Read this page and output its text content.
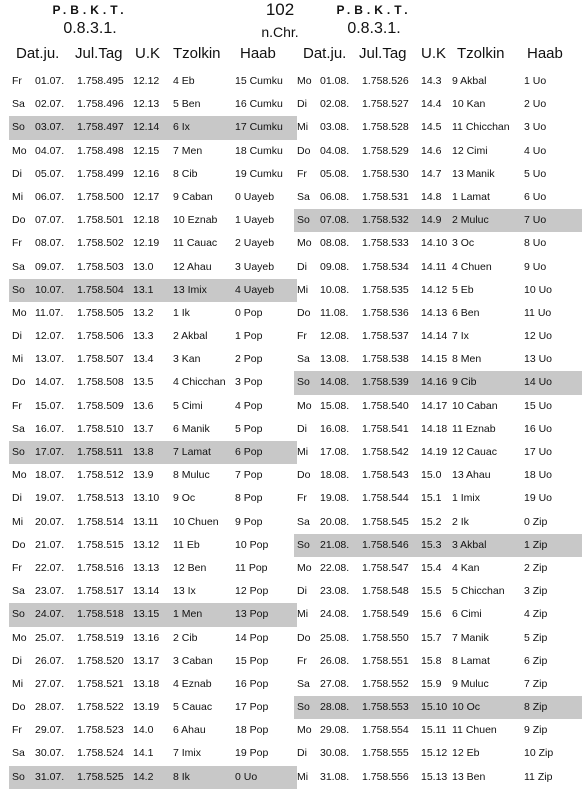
P.B.K.T.
0.8.3.1.
102
n.Chr.
P.B.K.T.
0.8.3.1.
Dat.ju. Jul.Tag U.K Tzolkin Haab Dat.ju. Jul.Tag U.K Tzolkin Haab
Fr 01.07. 1.758.495 12.12 4 Eb	15 Cumku
Sa 02.07. 1.758.496 12.13 5 Ben	16 Cumku
So 03.07. 1.758.497 12.14 6 Ix	17 Cumku
Mo 04.07. 1.758.498 12.15 7 Men	18 Cumku
Di 05.07. 1.758.499 12.16 8 Cib	19 Cumku
Mi 06.07. 1.758.500 12.17 9 Caban 0 Uayeb
Do 07.07. 1.758.501 12.18 10 Eznab 1 Uayeb
Fr 08.07. 1.758.502 12.19 11 Cauac 2 Uayeb
Sa 09.07. 1.758.503 13.0 12 Ahau 3 Uayeb
So 10.07. 1.758.504 13.1 13 Imix	4 Uayeb
Mo 11.07. 1.758.505 13.2 1 Ik	0 Pop
Di 12.07. 1.758.506 13.3 2 Akbal	1 Pop
Mi 13.07. 1.758.507 13.4 3 Kan	2 Pop
Do 14.07. 1.758.508 13.5 4 Chicchan 3 Pop
Fr 15.07. 1.758.509 13.6 5 Cimi	4 Pop
Sa 16.07. 1.758.510 13.7 6 Manik 5 Pop
So 17.07. 1.758.511 13.8 7 Lamat 6 Pop
Mo 18.07. 1.758.512 13.9 8 Muluc 7 Pop
Di 19.07. 1.758.513 13.10 9 Oc	8 Pop
Mi 20.07. 1.758.514 13.11 10 Chuen 9 Pop
Do 21.07. 1.758.515 13.12 11 Eb	10 Pop
Fr 22.07. 1.758.516 13.13 12 Ben	11 Pop
Sa 23.07. 1.758.517 13.14 13 Ix	12 Pop
So 24.07. 1.758.518 13.15 1 Men	13 Pop
Mo 25.07. 1.758.519 13.16 2 Cib	14 Pop
Di 26.07. 1.758.520 13.17 3 Caban 15 Pop
Mi 27.07. 1.758.521 13.18 4 Eznab 16 Pop
Do 28.07. 1.758.522 13.19 5 Cauac 17 Pop
Fr 29.07. 1.758.523 14.0 6 Ahau	18 Pop
Sa 30.07. 1.758.524 14.1 7 Imix	19 Pop
So 31.07. 1.758.525 14.2 8 Ik	0 Uo
Mo 01.08. 1.758.526 14.3 9 Akbal	1 Uo
Di 02.08. 1.758.527 14.4 10 Kan	2 Uo
Mi 03.08. 1.758.528 14.5 11 Chicchan 3 Uo
Do 04.08. 1.758.529 14.6 12 Cimi	4 Uo
Fr 05.08. 1.758.530 14.7 13 Manik	5 Uo
Sa 06.08. 1.758.531 14.8 1 Lamat	6 Uo
So 07.08. 1.758.532 14.9 2 Muluc	7 Uo
Mo 08.08. 1.758.533 14.10 3 Oc	8 Uo
Di 09.08. 1.758.534 14.11 4 Chuen	9 Uo
Mi 10.08. 1.758.535 14.12 5 Eb	10 Uo
Do 11.08. 1.758.536 14.13 6 Ben	11 Uo
Fr 12.08. 1.758.537 14.14 7 Ix	12 Uo
Sa 13.08. 1.758.538 14.15 8 Men	13 Uo
So 14.08. 1.758.539 14.16 9 Cib	14 Uo
Mo 15.08. 1.758.540 14.17 10 Caban	15 Uo
Di 16.08. 1.758.541 14.18 11 Eznab	16 Uo
Mi 17.08. 1.758.542 14.19 12 Cauac	17 Uo
Do 18.08. 1.758.543 15.0 13 Ahau	18 Uo
Fr 19.08. 1.758.544 15.1 1 Imix	19 Uo
Sa 20.08. 1.758.545 15.2 2 Ik	0 Zip
So 21.08. 1.758.546 15.3 3 Akbal	1 Zip
Mo 22.08. 1.758.547 15.4 4 Kan	2 Zip
Di 23.08. 1.758.548 15.5 5 Chicchan 3 Zip
Mi 24.08. 1.758.549 15.6 6 Cimi	4 Zip
Do 25.08. 1.758.550 15.7 7 Manik	5 Zip
Fr 26.08. 1.758.551 15.8 8 Lamat	6 Zip
Sa 27.08. 1.758.552 15.9 9 Muluc	7 Zip
So 28.08. 1.758.553 15.10 10 Oc	8 Zip
Mo 29.08. 1.758.554 15.11 11 Chuen	9 Zip
Di 30.08. 1.758.555 15.12 12 Eb	10 Zip
Mi 31.08. 1.758.556 15.13 13 Ben	11 Zip
